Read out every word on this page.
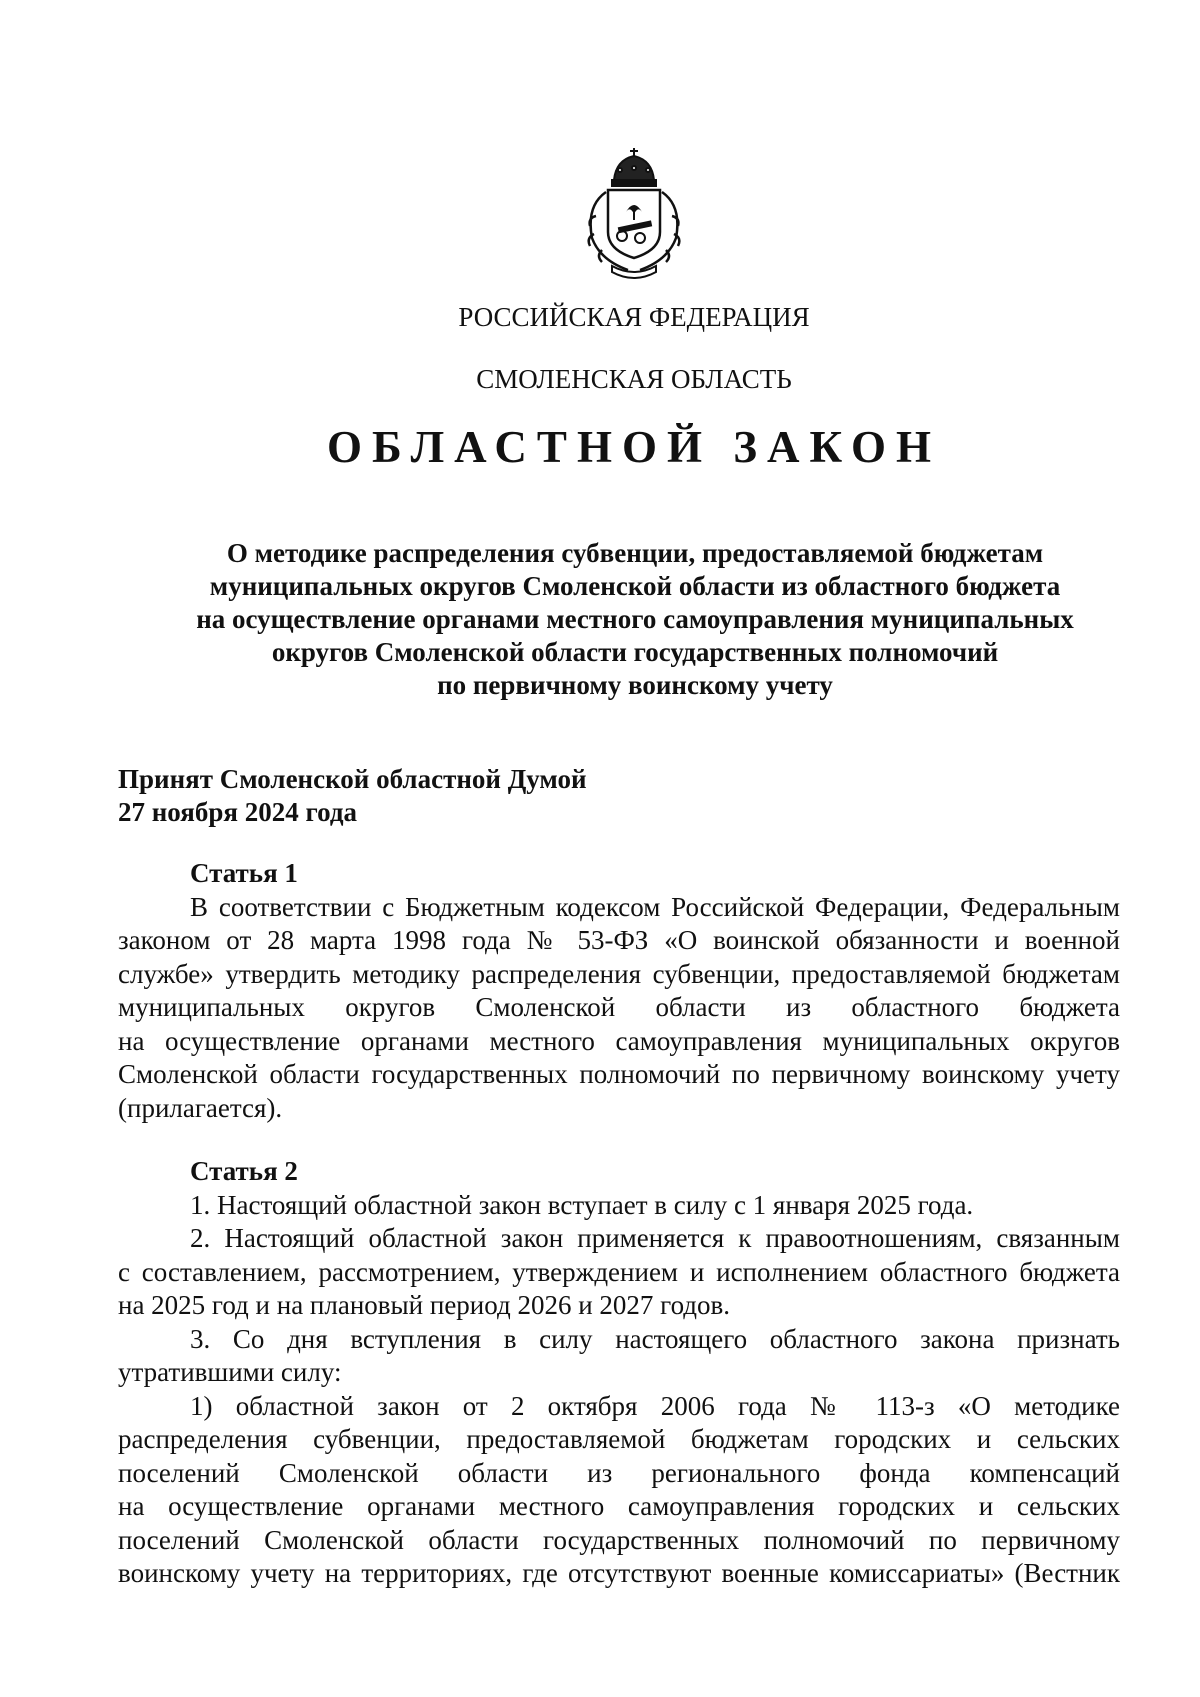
РОССИЙСКАЯ ФЕДЕРАЦИЯ
СМОЛЕНСКАЯ ОБЛАСТЬ
ОБЛАСТНОЙ ЗАКОН
О методике распределения субвенции, предоставляемой бюджетам
муниципальных округов Смоленской области из областного бюджета
на осуществление органами местного самоуправления муниципальных
округов Смоленской области государственных полномочий
по первичному воинскому учету
Принят Смоленской областной Думой
27 ноября 2024 года
Статья 1
В соответствии с Бюджетным кодексом Российской Федерации, Федеральным
законом от 28 марта 1998 года № 53-ФЗ «О воинской обязанности и военной
службе» утвердить методику распределения субвенции, предоставляемой бюджетам
муниципальных округов Смоленской области из областного бюджета
на осуществление органами местного самоуправления муниципальных округов
Смоленской области государственных полномочий по первичному воинскому учету
(прилагается).
Статья 2
1. Настоящий областной закон вступает в силу с 1 января 2025 года.
2. Настоящий областной закон применяется к правоотношениям, связанным
с составлением, рассмотрением, утверждением и исполнением областного бюджета
на 2025 год и на плановый период 2026 и 2027 годов.
3. Со дня вступления в силу настоящего областного закона признать
утратившими силу:
1) областной закон от 2 октября 2006 года № 113-з «О методике
распределения субвенции, предоставляемой бюджетам городских и сельских
поселений Смоленской области из регионального фонда компенсаций
на осуществление органами местного самоуправления городских и сельских
поселений Смоленской области государственных полномочий по первичному
воинскому учету на территориях, где отсутствуют военные комиссариаты» (Вестник
